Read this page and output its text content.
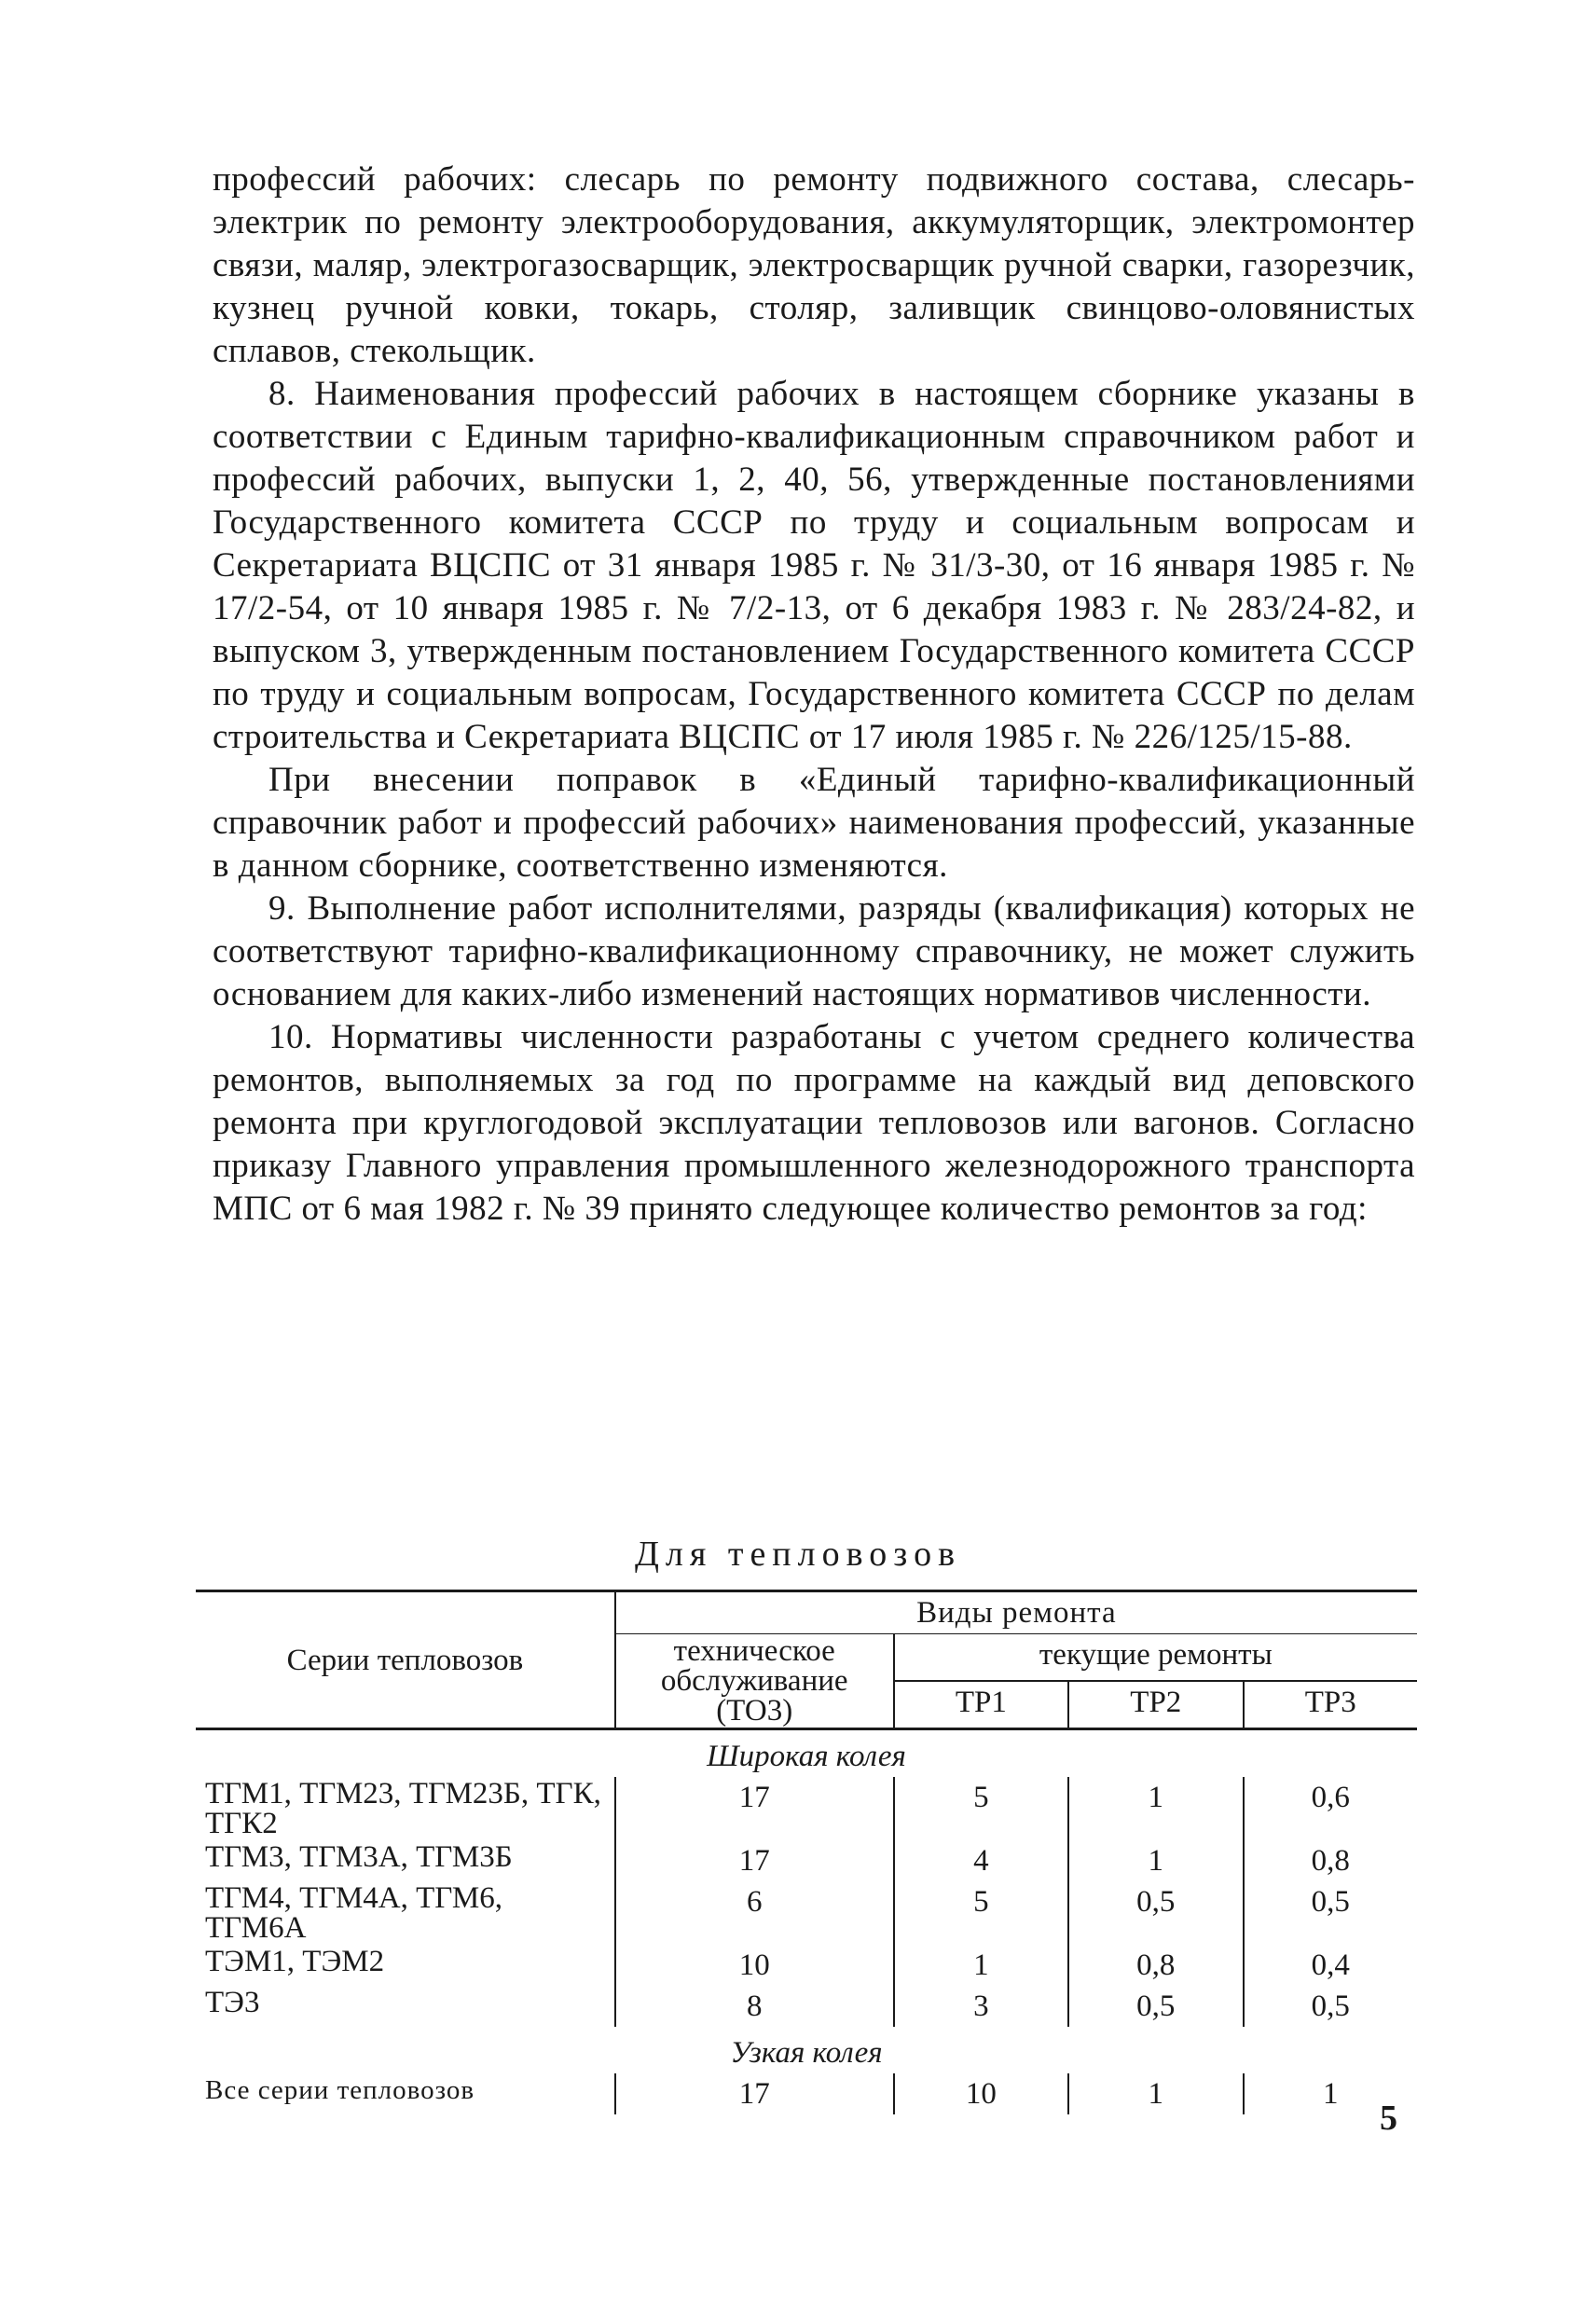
профессий рабочих: слесарь по ремонту подвижного состава, слесарь-электрик по ремонту электрооборудования, аккумуляторщик, электромонтер связи, маляр, электрогазосварщик, электросварщик ручной сварки, газорезчик, кузнец ручной ковки, токарь, столяр, заливщик свинцово-оловянистых сплавов, стекольщик.

8. Наименования профессий рабочих в настоящем сборнике указаны в соответствии с Единым тарифно-квалификационным справочником работ и профессий рабочих, выпуски 1, 2, 40, 56, утвержденные постановлениями Государственного комитета СССР по труду и социальным вопросам и Секретариата ВЦСПС от 31 января 1985 г. № 31/3-30, от 16 января 1985 г. № 17/2-54, от 10 января 1985 г. № 7/2-13, от 6 декабря 1983 г. № 283/24-82, и выпуском 3, утвержденным постановлением Государственного комитета СССР по труду и социальным вопросам, Государственного комитета СССР по делам строительства и Секретариата ВЦСПС от 17 июля 1985 г. № 226/125/15-88.

При внесении поправок в «Единый тарифно-квалификационный справочник работ и профессий рабочих» наименования профессий, указанные в данном сборнике, соответственно изменяются.

9. Выполнение работ исполнителями, разряды (квалификация) которых не соответствуют тарифно-квалификационному справочнику, не может служить основанием для каких-либо изменений настоящих нормативов численности.

10. Нормативы численности разработаны с учетом среднего количества ремонтов, выполняемых за год по программе на каждый вид деповского ремонта при круглогодовой эксплуатации тепловозов или вагонов. Согласно приказу Главного управления промышленного железнодорожного транспорта МПС от 6 мая 1982 г. № 39 принято следующее количество ремонтов за год:

Для тепловозов
Серии тепловозов	Виды ремонта			
	техническое обслуживание (ТО3)	текущие ремонты		
		ТР1	ТР2	ТР3
Широкая колея				
ТГМ1, ТГМ23, ТГМ23Б, ТГК, ТГК2	17	5	1	0,6
ТГМ3, ТГМ3А, ТГМ3Б	17	4	1	0,8
ТГМ4, ТГМ4А, ТГМ6, ТГМ6А	6	5	0,5	0,5
ТЭМ1, ТЭМ2	10	1	0,8	0,4
ТЭ3	8	3	0,5	0,5
Узкая колея				
Все серии тепловозов	17	10	1	1
5
